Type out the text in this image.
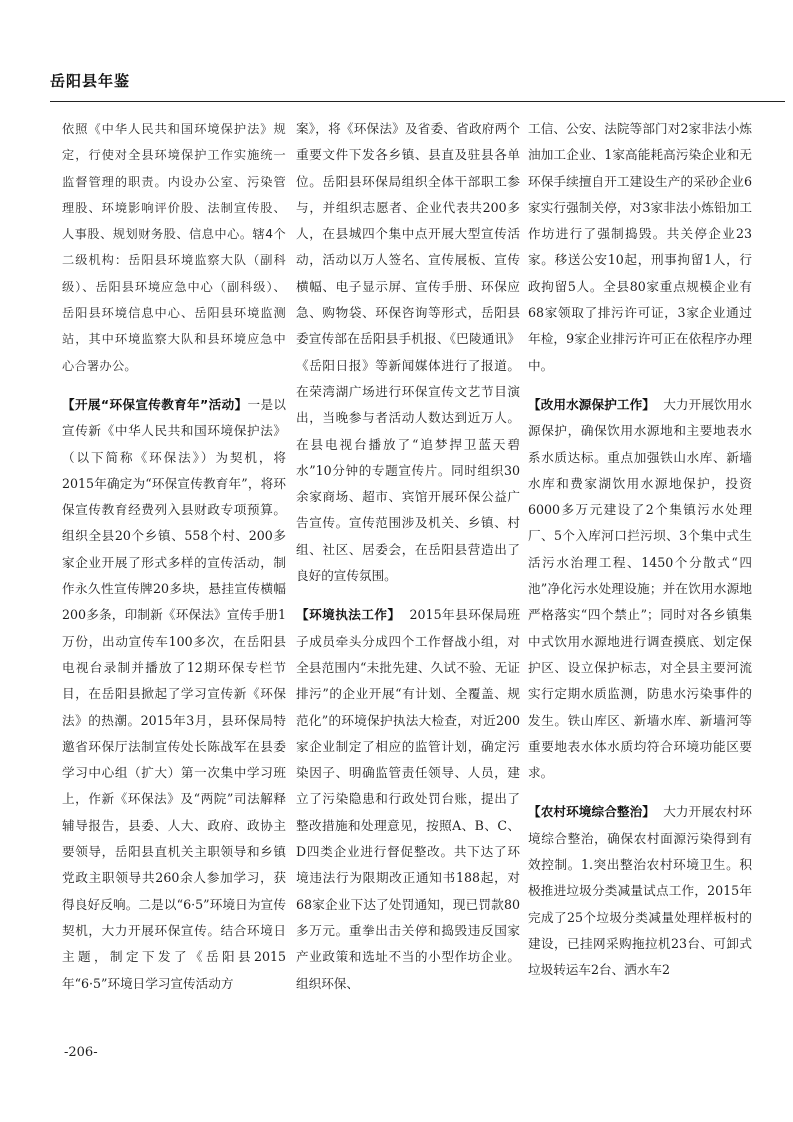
岳阳县年鉴

依照《中华人民共和国环境保护法》规定，行使对全县环境保护工作实施统一监督管理的职责。内设办公室、污染管理股、环境影响评价股、法制宣传股、人事股、规划财务股、信息中心。辖4个二级机构：岳阳县环境监察大队（副科级）、岳阳县环境应急中心（副科级）、岳阳县环境信息中心、岳阳县环境监测站，其中环境监察大队和县环境应急中心合署办公。

【开展“环保宣传教育年”活动】一是以宣传新《中华人民共和国环境保护法》（以下简称《环保法》）为契机，将2015年确定为“环保宣传教育年”，将环保宣传教育经费列入县财政专项预算。组织全县20个乡镇、558个村、200多家企业开展了形式多样的宣传活动，制作永久性宣传牌20多块，悬挂宣传横幅200多条，印制新《环保法》宣传手册1万份，出动宣传车100多次，在岳阳县电视台录制并播放了12期环保专栏节目，在岳阳县掀起了学习宣传新《环保法》的热潮。2015年3月，县环保局特邀省环保厅法制宣传处长陈战军在县委学习中心组（扩大）第一次集中学习班上，作新《环保法》及“两院”司法解释辅导报告，县委、人大、政府、政协主要领导，岳阳县直机关主职领导和乡镇党政主职领导共260余人参加学习，获得良好反响。二是以“6·5”环境日为宣传契机，大力开展环保宣传。结合环境日主题，制定下发了《岳阳县2015年“6·5”环境日学习宣传活动方

案》，将《环保法》及省委、省政府两个重要文件下发各乡镇、县直及驻县各单位。岳阳县环保局组织全体干部职工参与，并组织志愿者、企业代表共200多人，在县城四个集中点开展大型宣传活动，活动以万人签名、宣传展板、宣传横幅、电子显示屏、宣传手册、环保应急、购物袋、环保咨询等形式，岳阳县委宣传部在岳阳县手机报、《巴陵通讯》《岳阳日报》等新闻媒体进行了报道。在荣湾湖广场进行环保宣传文艺节目演出，当晚参与者活动人数达到近万人。在县电视台播放了“追梦捍卫蓝天碧水”10分钟的专题宣传片。同时组织30余家商场、超市、宾馆开展环保公益广告宣传。宣传范围涉及机关、乡镇、村组、社区、居委会，在岳阳县营造出了良好的宣传氛围。

【环境执法工作】 2015年县环保局班子成员牵头分成四个工作督战小组，对全县范围内“未批先建、久试不验、无证排污”的企业开展“有计划、全覆盖、规范化”的环境保护执法大检查，对近200家企业制定了相应的监管计划，确定污染因子、明确监管责任领导、人员，建立了污染隐患和行政处罚台账，提出了整改措施和处理意见，按照A、B、C、D四类企业进行督促整改。共下达了环境违法行为限期改正通知书188起，对68家企业下达了处罚通知，现已罚款80多万元。重拳出击关停和捣毁违反国家产业政策和选址不当的小型作坊企业。组织环保、

工信、公安、法院等部门对2家非法小炼油加工企业、1家高能耗高污染企业和无环保手续擅自开工建设生产的采砂企业6家实行强制关停，对3家非法小炼铅加工作坊进行了强制捣毁。共关停企业23家。移送公安10起，刑事拘留1人，行政拘留5人。全县80家重点规模企业有68家领取了排污许可证，3家企业通过年检，9家企业排污许可正在依程序办理中。

【改用水源保护工作】 大力开展饮用水源保护，确保饮用水源地和主要地表水系水质达标。重点加强铁山水库、新墙水库和费家湖饮用水源地保护，投资6000多万元建设了2个集镇污水处理厂、5个入库河口拦污坝、3个集中式生活污水治理工程、1450个分散式“四池”净化污水处理设施；并在饮用水源地严格落实“四个禁止”；同时对各乡镇集中式饮用水源地进行调查摸底、划定保护区、设立保护标志，对全县主要河流实行定期水质监测，防患水污染事件的发生。铁山库区、新墙水库、新墙河等重要地表水体水质均符合环境功能区要求。

【农村环境综合整治】 大力开展农村环境综合整治，确保农村面源污染得到有效控制。1.突出整治农村环境卫生。积极推进垃圾分类减量试点工作，2015年完成了25个垃圾分类减量处理样板村的建设，已挂网采购拖拉机23台、可卸式垃圾转运车2台、洒水车2

-206-
